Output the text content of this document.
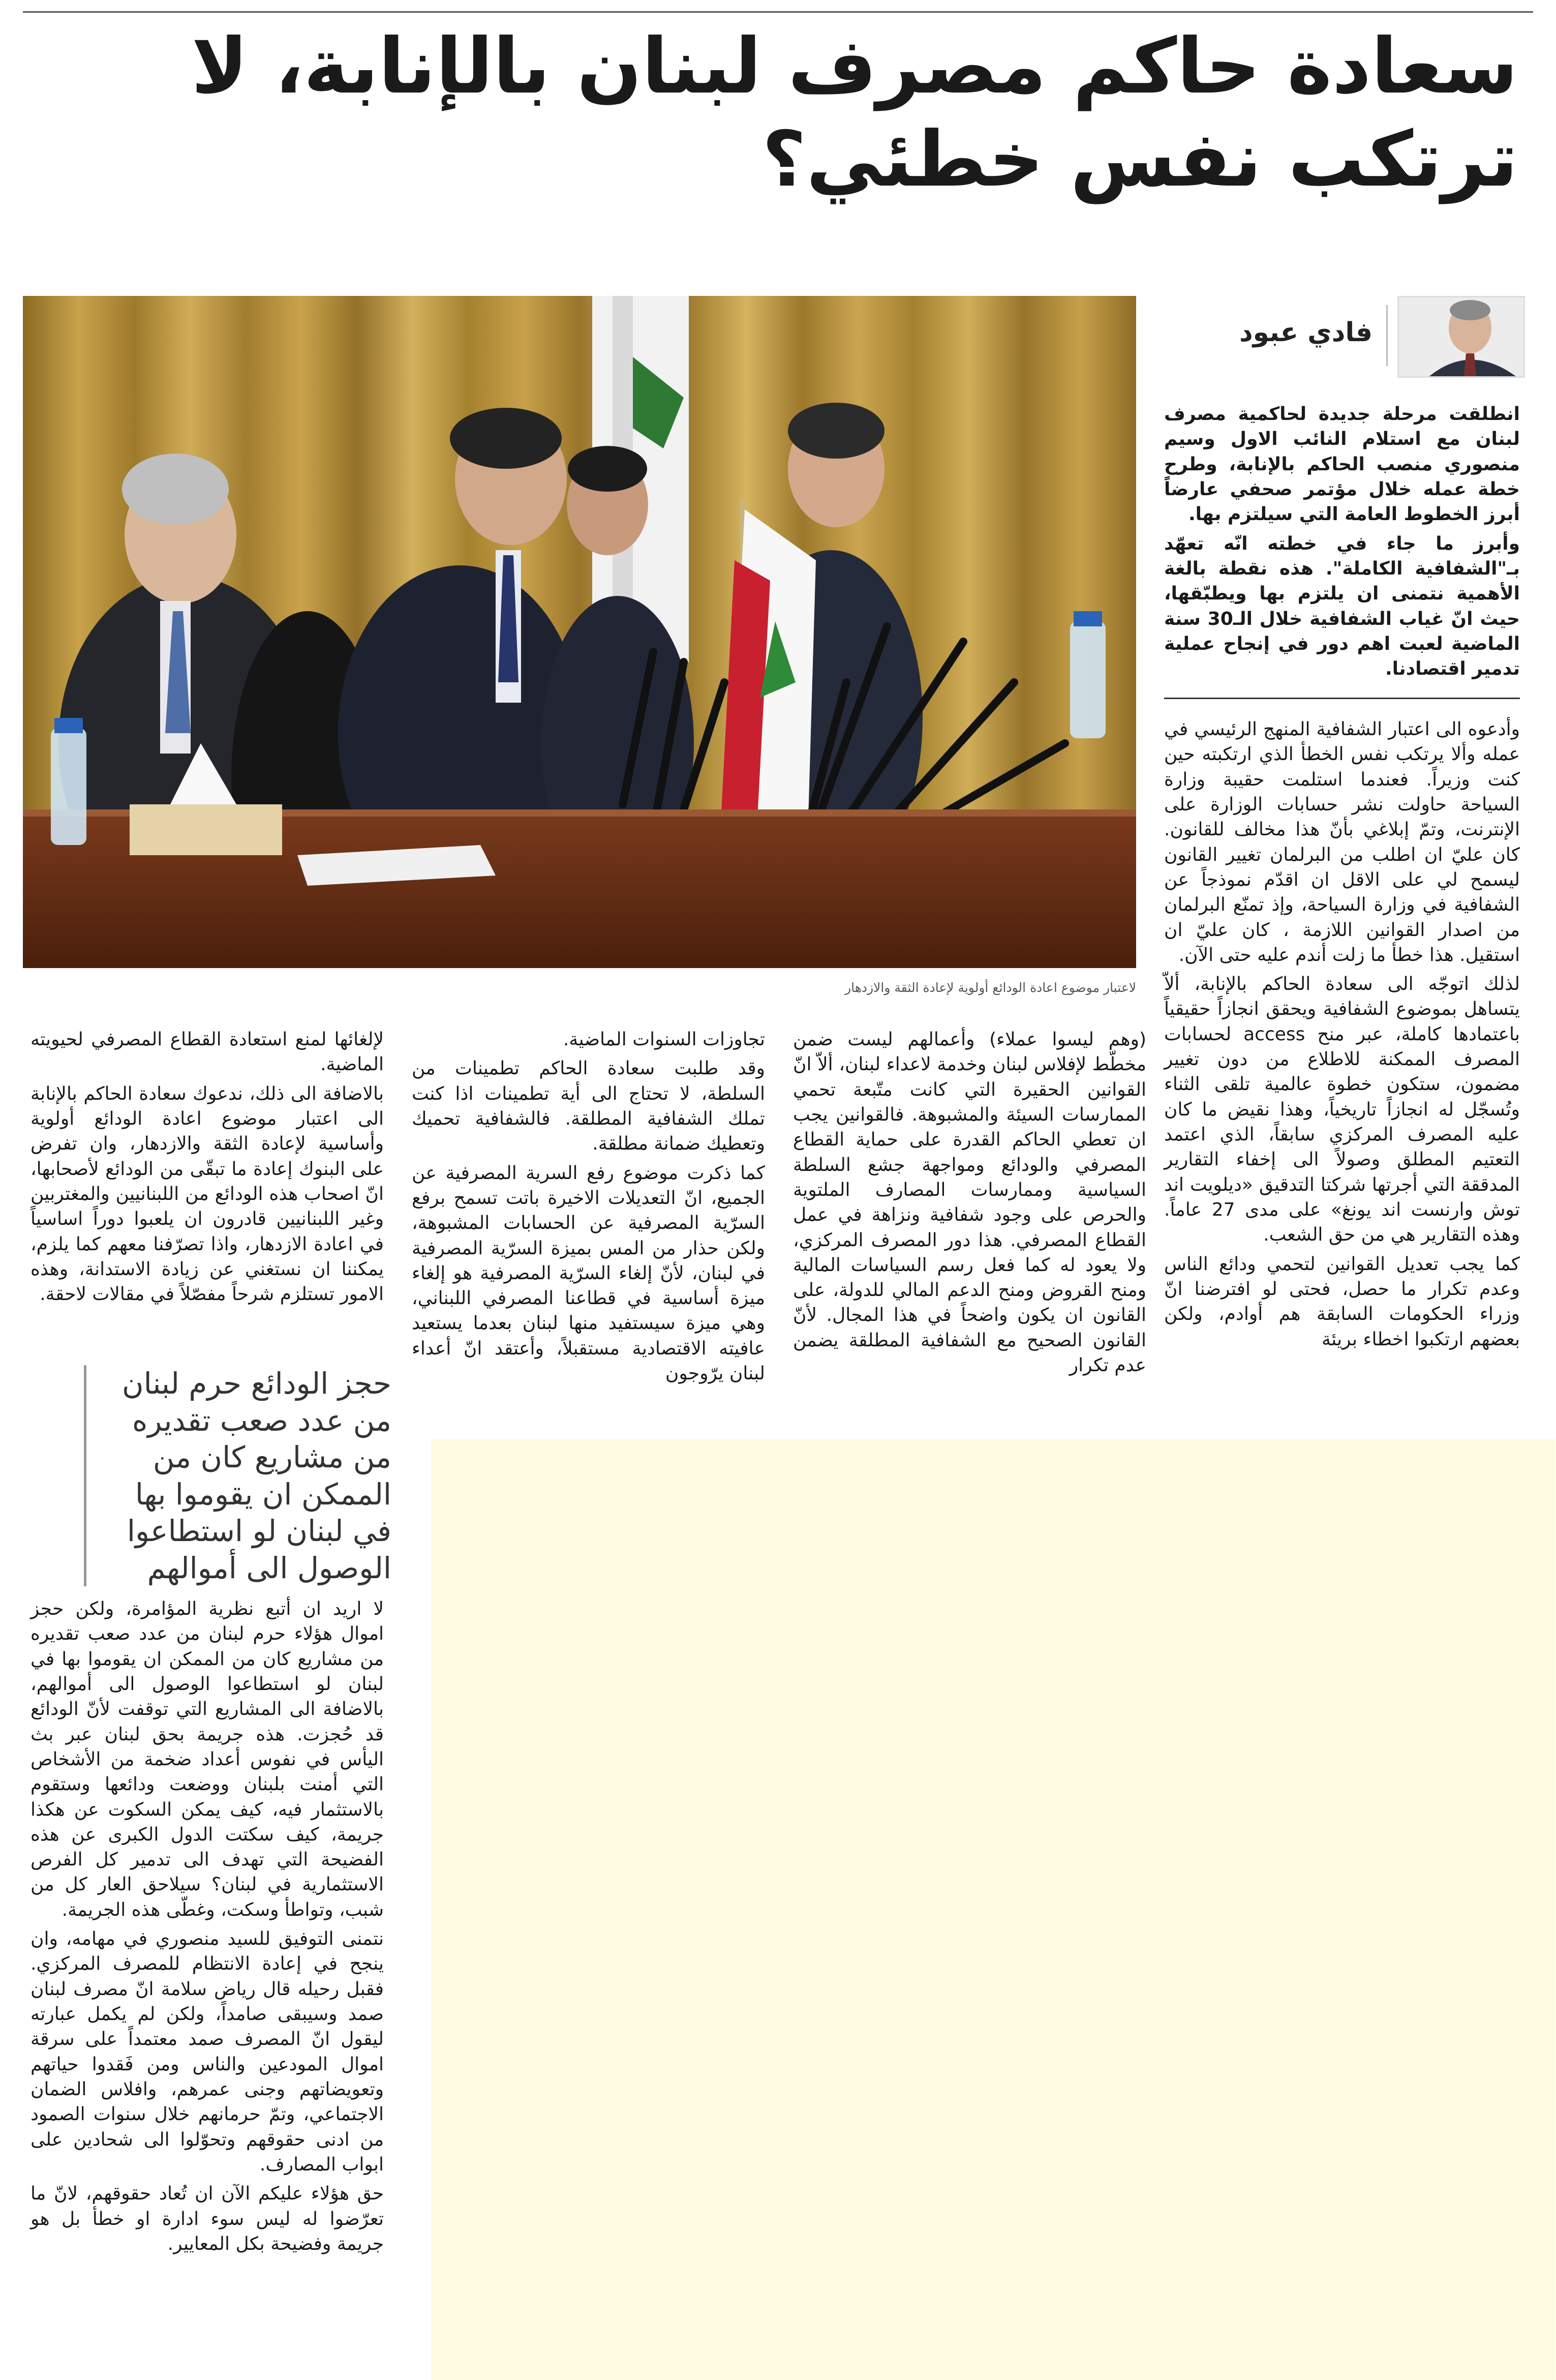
سعادة حاكم مصرف لبنان بالإنابة، لا ترتكب نفس خطئي؟
لاعتبار موضوع اعادة الودائع أولوية لإعادة الثقة والازدهار
فادي عبود

انطلقت مرحلة جديدة لحاكمية مصرف لبنان مع استلام النائب الاول وسيم منصوري منصب الحاكم بالإنابة، وطرح خطة عمله خلال مؤتمر صحفي عارضاً أبرز الخطوط العامة التي سيلتزم بها.

وأبرز ما جاء في خطته انّه تعهّد بـ"الشفافية الكاملة". هذه نقطة بالغة الأهمية نتمنى ان يلتزم بها ويطبّقها، حيث انّ غياب الشفافية خلال الـ30 سنة الماضية لعبت اهم دور في إنجاح عملية تدمير اقتصادنا.

وأدعوه الى اعتبار الشفافية المنهج الرئيسي في عمله وألا يرتكب نفس الخطأ الذي ارتكبته حين كنت وزيراً. فعندما استلمت حقيبة وزارة السياحة حاولت نشر حسابات الوزارة على الإنترنت، وتمّ إبلاغي بأنّ هذا مخالف للقانون. كان عليّ ان اطلب من البرلمان تغيير القانون ليسمح لي على الاقل ان اقدّم نموذجاً عن الشفافية في وزارة السياحة، وإذ تمنّع البرلمان من اصدار القوانين اللازمة ، كان عليّ ان استقيل. هذا خطأ ما زلت أندم عليه حتى الآن.

لذلك اتوجّه الى سعادة الحاكم بالإنابة، ألاّ يتساهل بموضوع الشفافية ويحقق انجازاً حقيقياً باعتمادها كاملة، عبر منح access لحسابات المصرف الممكنة للاطلاع من دون تغيير مضمون، ستكون خطوة عالمية تلقى الثناء وتُسجّل له انجازاً تاريخياً، وهذا نقيض ما كان عليه المصرف المركزي سابقاً، الذي اعتمد التعتيم المطلق وصولاً الى إخفاء التقارير المدققة التي أجرتها شركتا التدقيق «ديلويت اند توش وارنست اند يونغ» على مدى 27 عاماً. وهذه التقارير هي من حق الشعب.

كما يجب تعديل القوانين لتحمي ودائع الناس وعدم تكرار ما حصل، فحتى لو افترضنا انّ وزراء الحكومات السابقة هم أوادم، ولكن بعضهم ارتكبوا اخطاء بريئة

(وهم ليسوا عملاء) وأعمالهم ليست ضمن مخطّط لإفلاس لبنان وخدمة لاعداء لبنان، ألاّ انّ القوانين الحقيرة التي كانت متّبعة تحمي الممارسات السيئة والمشبوهة. فالقوانين يجب ان تعطي الحاكم القدرة على حماية القطاع المصرفي والودائع ومواجهة جشع السلطة السياسية وممارسات المصارف الملتوية والحرص على وجود شفافية ونزاهة في عمل القطاع المصرفي. هذا دور المصرف المركزي، ولا يعود له كما فعل رسم السياسات المالية ومنح القروض ومنح الدعم المالي للدولة، على القانون ان يكون واضحاً في هذا المجال. لأنّ القانون الصحيح مع الشفافية المطلقة يضمن عدم تكرار

تجاوزات السنوات الماضية.

وقد طلبت سعادة الحاكم تطمينات من السلطة، لا تحتاج الى أية تطمينات اذا كنت تملك الشفافية المطلقة. فالشفافية تحميك وتعطيك ضمانة مطلقة.

كما ذكرت موضوع رفع السرية المصرفية عن الجميع، انّ التعديلات الاخيرة باتت تسمح برفع السرّية المصرفية عن الحسابات المشبوهة، ولكن حذار من المس بميزة السرّية المصرفية في لبنان، لأنّ إلغاء السرّية المصرفية هو إلغاء ميزة أساسية في قطاعنا المصرفي اللبناني، وهي ميزة سيستفيد منها لبنان بعدما يستعيد عافيته الاقتصادية مستقبلاً، وأعتقد انّ أعداء لبنان يرّوجون

لإلغائها لمنع استعادة القطاع المصرفي لحيويته الماضية.

بالاضافة الى ذلك، ندعوك سعادة الحاكم بالإنابة الى اعتبار موضوع اعادة الودائع أولوية وأساسية لإعادة الثقة والازدهار، وان تفرض على البنوك إعادة ما تبقّى من الودائع لأصحابها، انّ اصحاب هذه الودائع من اللبنانيين والمغتربين وغير اللبنانيين قادرون ان يلعبوا دوراً اساسياً في اعادة الازدهار، واذا تصرّفنا معهم كما يلزم، يمكننا ان نستغني عن زيادة الاستدانة، وهذه الامور تستلزم شرحاً مفصّلاً في مقالات لاحقة.

حجز الودائع حرم لبنان من عدد صعب تقديره من مشاريع كان من الممكن ان يقوموا بها في لبنان لو استطاعوا الوصول الى أموالهم

لا اريد ان أتبع نظرية المؤامرة، ولكن حجز اموال هؤلاء حرم لبنان من عدد صعب تقديره من مشاريع كان من الممكن ان يقوموا بها في لبنان لو استطاعوا الوصول الى أموالهم، بالاضافة الى المشاريع التي توقفت لأنّ الودائع قد حُجزت. هذه جريمة بحق لبنان عبر بث اليأس في نفوس أعداد ضخمة من الأشخاص التي أمنت بلبنان ووضعت ودائعها وستقوم بالاستثمار فيه، كيف يمكن السكوت عن هكذا جريمة، كيف سكتت الدول الكبرى عن هذه الفضيحة التي تهدف الى تدمير كل الفرص الاستثمارية في لبنان؟ سيلاحق العار كل من شبب، وتواطأ وسكت، وغطّى هذه الجريمة.

نتمنى التوفيق للسيد منصوري في مهامه، وان ينجح في إعادة الانتظام للمصرف المركزي. فقبل رحيله قال رياض سلامة انّ مصرف لبنان صمد وسيبقى صامداً، ولكن لم يكمل عبارته ليقول انّ المصرف صمد معتمداً على سرقة اموال المودعين والناس ومن فَقدوا حياتهم وتعويضاتهم وجنى عمرهم، وافلاس الضمان الاجتماعي، وتمّ حرمانهم خلال سنوات الصمود من ادنى حقوقهم وتحوّلوا الى شحادين على ابواب المصارف.

حق هؤلاء عليكم الآن ان تُعاد حقوقهم، لانّ ما تعرّضوا له ليس سوء ادارة او خطأ بل هو جريمة وفضيحة بكل المعايير.
